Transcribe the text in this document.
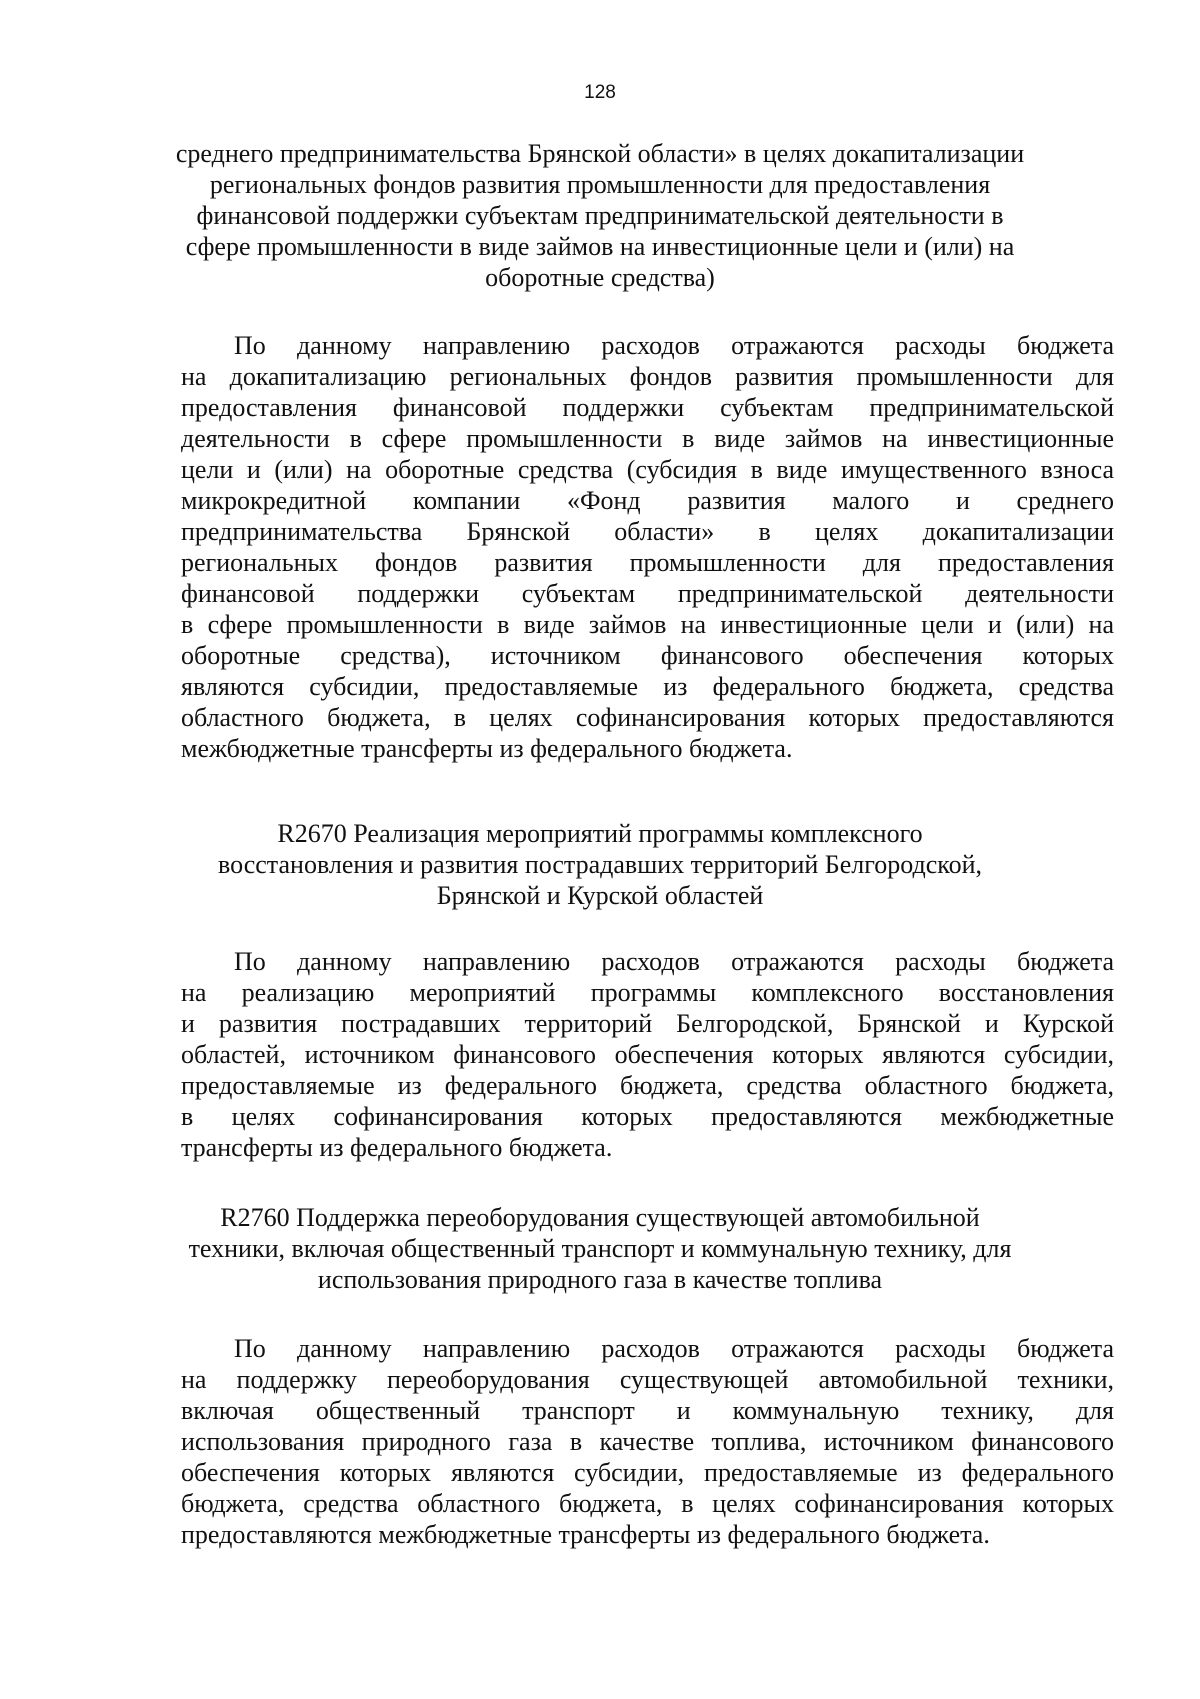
128

среднего предпринимательства Брянской области» в целях докапитализации

региональных фондов развития промышленности для предоставления

финансовой поддержки субъектам предпринимательской деятельности в

сфере промышленности в виде займов на инвестиционные цели и (или) на

оборотные средства)

По данному направлению расходов отражаются расходы бюджета

на докапитализацию региональных фондов развития промышленности для

предоставления финансовой поддержки субъектам предпринимательской

деятельности в сфере промышленности в виде займов на инвестиционные

цели и (или) на оборотные средства (субсидия в виде имущественного взноса

микрокредитной компании «Фонд развития малого и среднего

предпринимательства Брянской области» в целях докапитализации

региональных фондов развития промышленности для предоставления

финансовой поддержки субъектам предпринимательской деятельности

в сфере промышленности в виде займов на инвестиционные цели и (или) на

оборотные средства), источником финансового обеспечения которых

являются субсидии, предоставляемые из федерального бюджета, средства

областного бюджета, в целях софинансирования которых предоставляются

межбюджетные трансферты из федерального бюджета.

R2670 Реализация мероприятий программы комплексного

восстановления и развития пострадавших территорий Белгородской,

Брянской и Курской областей

По данному направлению расходов отражаются расходы бюджета

на реализацию мероприятий программы комплексного восстановления

и развития пострадавших территорий Белгородской, Брянской и Курской

областей, источником финансового обеспечения которых являются субсидии,

предоставляемые из федерального бюджета, средства областного бюджета,

в целях софинансирования которых предоставляются межбюджетные

трансферты из федерального бюджета.

R2760 Поддержка переоборудования существующей автомобильной

техники, включая общественный транспорт и коммунальную технику, для

использования природного газа в качестве топлива

По данному направлению расходов отражаются расходы бюджета

на поддержку переоборудования существующей автомобильной техники,

включая общественный транспорт и коммунальную технику, для

использования природного газа в качестве топлива, источником финансового

обеспечения которых являются субсидии, предоставляемые из федерального

бюджета, средства областного бюджета, в целях софинансирования которых

предоставляются межбюджетные трансферты из федерального бюджета.
